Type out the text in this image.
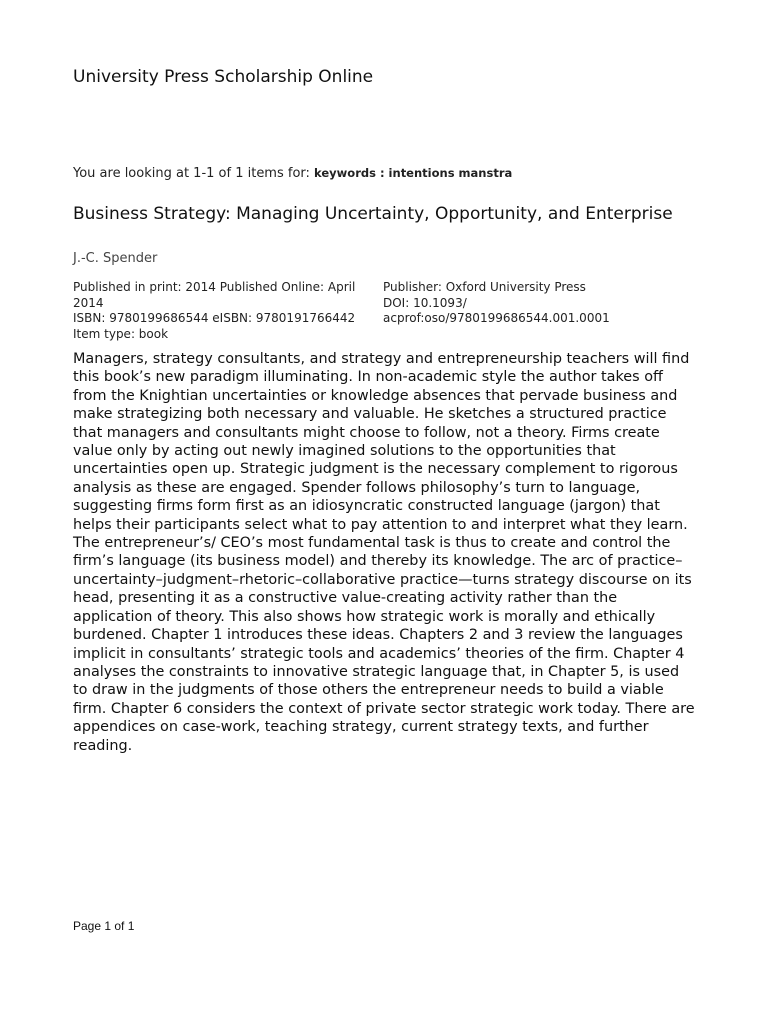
University Press Scholarship Online
You are looking at 1-1 of 1 items for: keywords : intentions manstra
Business Strategy: Managing Uncertainty, Opportunity, and Enterprise
J.-C. Spender
Published in print: 2014 Published Online: April 2014
ISBN: 9780199686544 eISBN: 9780191766442
Item type: book
Publisher: Oxford University Press
DOI: 10.1093/
acprof:oso/9780199686544.001.0001

Managers, strategy consultants, and strategy and entrepreneurship teachers will find this book’s new paradigm illuminating. In non-academic style the author takes off from the Knightian uncertainties or knowledge absences that pervade business and make strategizing both necessary and valuable. He sketches a structured practice that managers and consultants might choose to follow, not a theory. Firms create value only by acting out newly imagined solutions to the opportunities that uncertainties open up. Strategic judgment is the necessary complement to rigorous analysis as these are engaged. Spender follows philosophy’s turn to language, suggesting firms form first as an idiosyncratic constructed language (jargon) that helps their participants select what to pay attention to and interpret what they learn. The entrepreneur’s/ CEO’s most fundamental task is thus to create and control the firm’s language (its business model) and thereby its knowledge. The arc of practice–uncertainty–judgment–rhetoric–collaborative practice—turns strategy discourse on its head, presenting it as a constructive value-creating activity rather than the application of theory. This also shows how strategic work is morally and ethically burdened. Chapter 1 introduces these ideas. Chapters 2 and 3 review the languages implicit in consultants’ strategic tools and academics’ theories of the firm. Chapter 4 analyses the constraints to innovative strategic language that, in Chapter 5, is used to draw in the judgments of those others the entrepreneur needs to build a viable firm. Chapter 6 considers the context of private sector strategic work today. There are appendices on case-work, teaching strategy, current strategy texts, and further reading.

Page 1 of 1
